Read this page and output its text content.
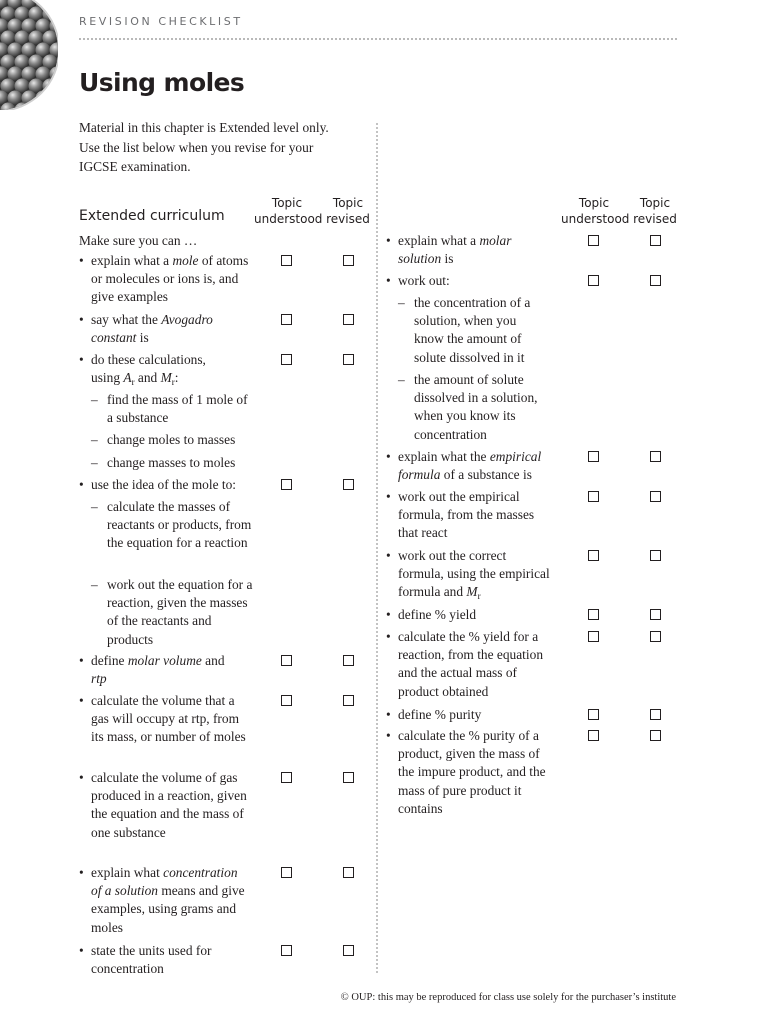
REVISION CHECKLIST
Using moles
Material in this chapter is Extended level only.
Use the list below when you revise for your
IGCSE examination.
Extended curriculum
Topic
understood
Topic
revised
Topic
understood
Topic
revised
Make sure you can …
• explain what a mole of atoms or molecules or ions is, and give examples
• say what the Avogadro constant is
• do these calculations, using $A_r$ and $M_r$:
– find the mass of 1 mole of a substance
– change moles to masses
– change masses to moles
• use the idea of the mole to:
– calculate the masses of reactants or products, from the equation for a reaction
– work out the equation for a reaction, given the masses of the reactants and products
• define molar volume and rtp
• calculate the volume that a gas will occupy at rtp, from its mass, or number of moles
• calculate the volume of gas produced in a reaction, given the equation and the mass of one substance
• explain what concentration of a solution means and give examples, using grams and moles
• state the units used for concentration
• explain what a molar solution is
• work out:
– the concentration of a solution, when you know the amount of solute dissolved in it
– the amount of solute dissolved in a solution, when you know its concentration
• explain what the empirical formula of a substance is
• work out the empirical formula, from the masses that react
• work out the correct formula, using the empirical formula and $M_r$
• define % yield
• calculate the % yield for a reaction, from the equation and the actual mass of product obtained
• define % purity
• calculate the % purity of a product, given the mass of the impure product, and the mass of pure product it contains
© OUP: this may be reproduced for class use solely for the purchaser’s institute
